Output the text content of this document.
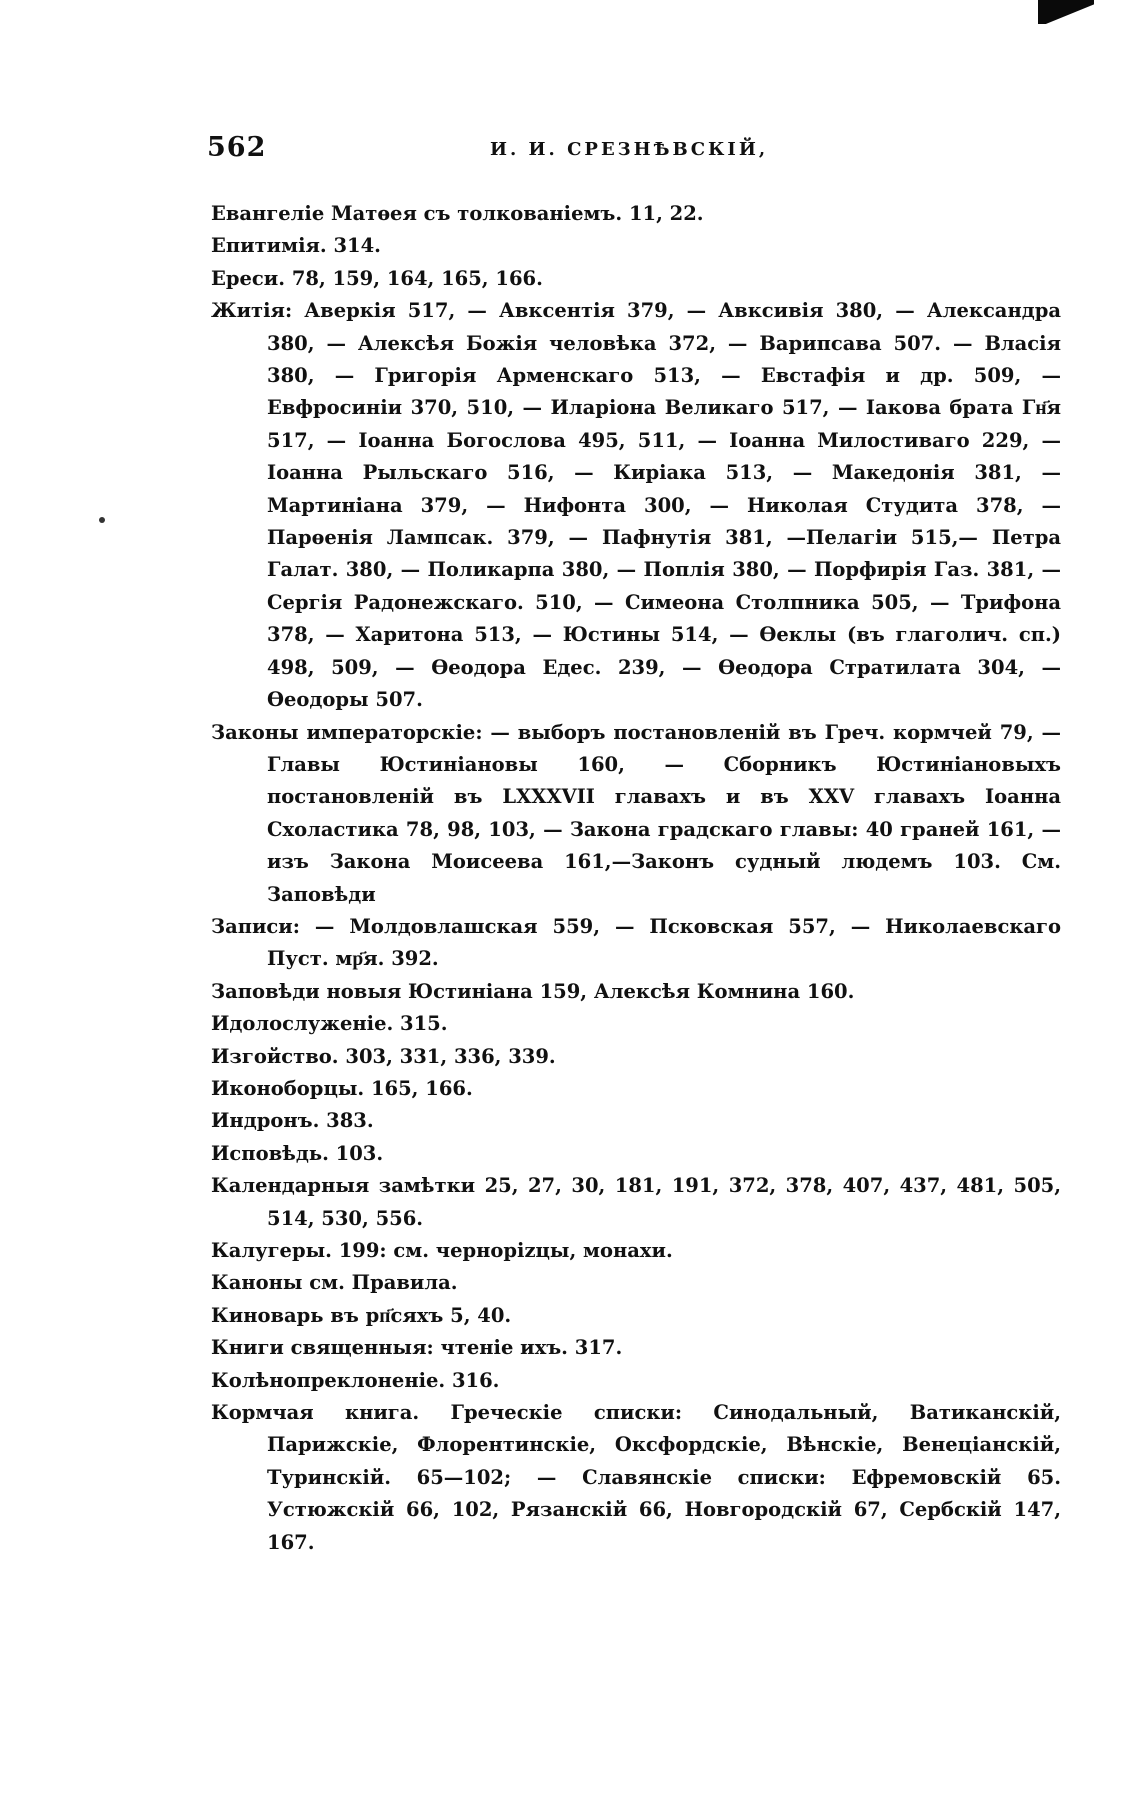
562	И. И. СРЕЗНѢВСКIЙ,

Евангелiе Матѳея съ толкованiемъ. 11, 22.

Епитимiя. 314.

Ереси. 78, 159, 164, 165, 166.

Житiя: Аверкiя 517, — Авксентiя 379, — Авксивiя 380, — Александра 380, — Алексѣя Божiя человѣка 372, — Варипсава 507. — Власiя 380, — Григорiя Арменскаго 513, — Евстафiя и др. 509, — Евфросинiи 370, 510, — Иларiона Великаго 517, — Iакова брата Гн҃я 517, — Iоанна Богослова 495, 511, — Iоанна Милостиваго 229, — Iоанна Рыльскаго 516, — Кирiака 513, — Македонiя 381, — Мартинiана 379, — Нифонта 300, — Николая Студита 378, — Парѳенiя Лампсак. 379, — Пафнутiя 381, —Пелагiи 515,— Петра Галат. 380, — Поликарпа 380, — Поплiя 380, — Порфирiя Газ. 381, — Сергiя Радонежскаго. 510, — Симеона Столпника 505, — Трифона 378, — Харитона 513, — Юстины 514, — Ѳеклы (въ глаголич. сп.) 498, 509, — Ѳеодора Едес. 239, — Ѳеодора Стратилата 304, — Ѳеодоры 507.

Законы императорскiе: — выборъ постановленiй въ Греч. кормчей 79, — Главы Юстинiановы 160, — Сборникъ Юстинiановыхъ постановленiй въ LXXXVII главахъ и въ XXV главахъ Iоанна Схоластика 78, 98, 103, — Закона градскаго главы: 40 граней 161, — изъ Закона Моисеева 161,—Законъ судный людемъ 103. См. Заповѣди

Записи: — Молдовлашская 559, — Псковская 557, — Николаевскаго Пуст. мр҃я. 392.

Заповѣди новыя Юстинiана 159, Алексѣя Комнина 160.

Идолослуженiе. 315.

Изгойство. 303, 331, 336, 339.

Иконоборцы. 165, 166.

Индронъ. 383.

Исповѣдь. 103.

Календарныя замѣтки 25, 27, 30, 181, 191, 372, 378, 407, 437, 481, 505, 514, 530, 556.

Калугеры. 199: см. чернорizцы, монахи.

Каноны см. Правила.

Киноварь въ рп҃сяхъ 5, 40.

Книги священныя: чтенiе ихъ. 317.

Колѣнопреклоненiе. 316.

Кормчая книга. Греческiе списки: Синодальный, Ватиканскiй, Парижскiе, Флорентинскiе, Оксфордскiе, Вѣнскiе, Венецiанскiй, Туринскiй. 65—102; — Славянскiе списки: Ефремовскiй 65. Устюжскiй 66, 102, Рязанскiй 66, Новгородскiй 67, Сербскiй 147, 167.
